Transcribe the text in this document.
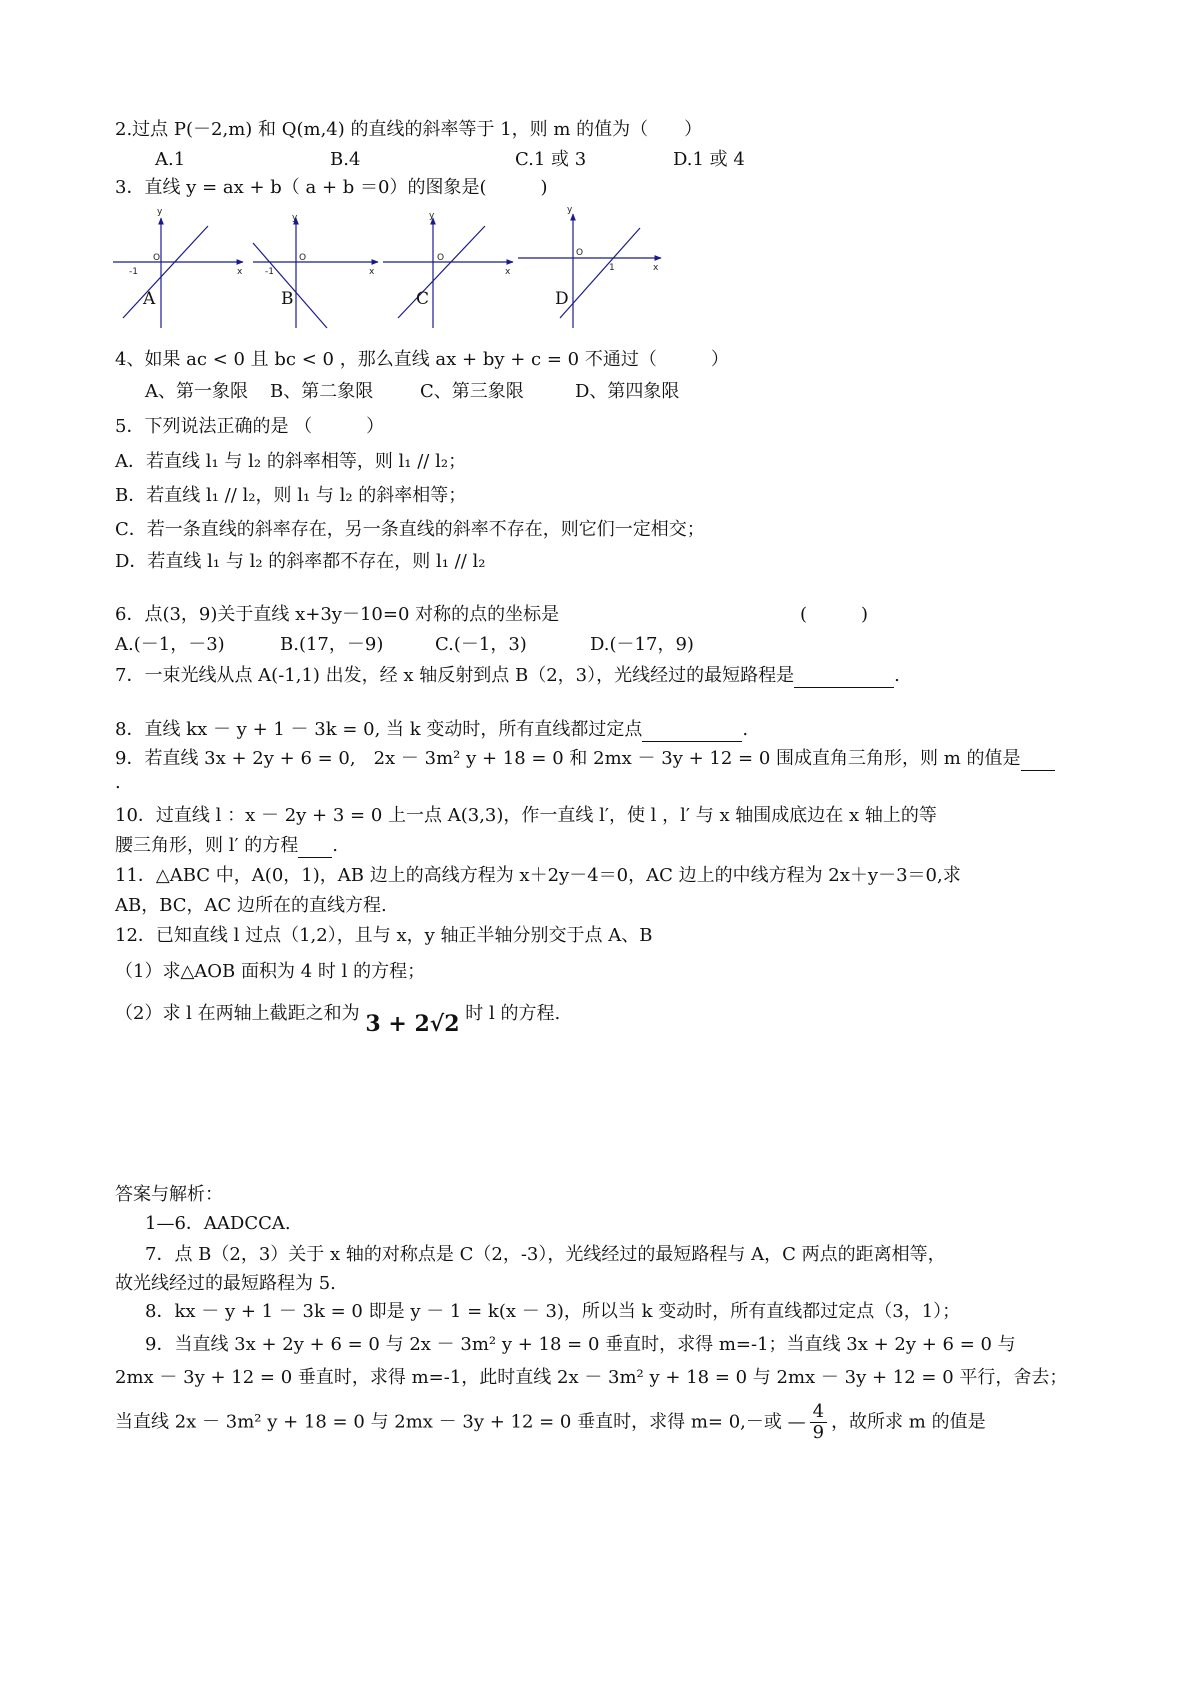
2.过点 P(－2,m) 和 Q(m,4) 的直线的斜率等于 1，则 m 的值为（　　）
A.1	B.4	C.1 或 3	D.1 或 4
3．直线 y = ax + b（ a + b ＝0）的图象是(　　　)
y
x
O
-1
y
x
O
-1
y
x
O
y
x
O
1
A	B	C	D
4、如果 ac < 0 且 bc < 0 ，那么直线 ax + by + c = 0 不通过（　　　）
A、第一象限	B、第二象限	C、第三象限	D、第四象限
5．下列说法正确的是 （　　　）
A．若直线 l₁ 与 l₂ 的斜率相等，则 l₁ // l₂；
B．若直线 l₁ // l₂，则 l₁ 与 l₂ 的斜率相等；
C．若一条直线的斜率存在，另一条直线的斜率不存在，则它们一定相交；
D．若直线 l₁ 与 l₂ 的斜率都不存在，则 l₁ // l₂
6．点(3，9)关于直线 x+3y－10=0 对称的点的坐标是	(　　　)
A.(－1，－3)	B.(17，－9)	C.(－1，3)	D.(－17，9)
7．一束光线从点 A(-1,1) 出发，经 x 轴反射到点 B（2，3），光线经过的最短路程是	.
8．直线 kx － y + 1 － 3k = 0, 当 k 变动时，所有直线都过定点	.
9．若直线 3x + 2y + 6 = 0,　2x － 3m² y + 18 = 0 和 2mx － 3y + 12 = 0 围成直角三角形，则 m 的值是
.
10．过直线 l ：x － 2y + 3 = 0 上一点 A(3,3)，作一直线 l′，使 l ，l′ 与 x 轴围成底边在 x 轴上的等
腰三角形，则 l′ 的方程 .
11．△ABC 中，A(0，1)，AB 边上的高线方程为 x＋2y－4＝0，AC 边上的中线方程为 2x＋y－3＝0,求
AB，BC，AC 边所在的直线方程.
12．已知直线 l 过点（1,2），且与 x，y 轴正半轴分别交于点 A、B
（1）求△AOB 面积为 4 时 l 的方程；
（2）求 l 在两轴上截距之和为 3 + 2√2 时 l 的方程.
答案与解析：
1—6．AADCCA.
7．点 B（2，3）关于 x 轴的对称点是 C（2，-3），光线经过的最短路程与 A，C 两点的距离相等，
故光线经过的最短路程为 5.
8．kx － y + 1 － 3k = 0 即是 y － 1 = k(x － 3)，所以当 k 变动时，所有直线都过定点（3，1）；
9．当直线 3x + 2y + 6 = 0 与 2x － 3m² y + 18 = 0 垂直时，求得 m=-1；当直线 3x + 2y + 6 = 0 与
2mx － 3y + 12 = 0 垂直时，求得 m=-1，此时直线 2x － 3m² y + 18 = 0 与 2mx － 3y + 12 = 0 平行，舍去；
当直线 2x － 3m² y + 18 = 0 与 2mx － 3y + 12 = 0 垂直时，求得 m= 0,－或 — $\frac{4}{9}$ ，故所求 m 的值是
